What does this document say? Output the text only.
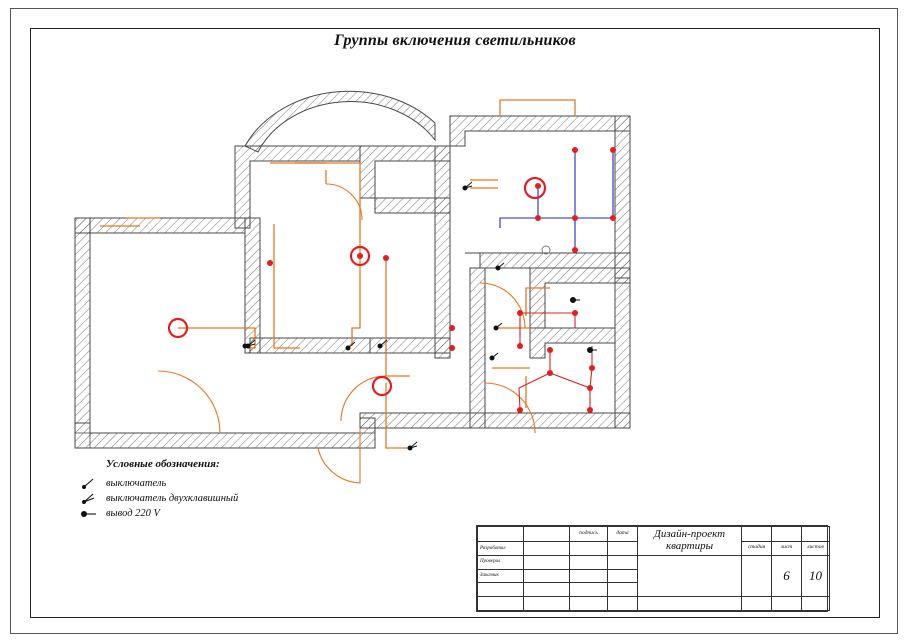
Группы включения светильников
Условные обозначения:
выключатель
выключатель двухклавишный
вывод 220 V
		подпись	дата	Дизайн-проект квартиры			
Разработал					стадия	лист	листов
Проверил						6	10
Заказчик							
